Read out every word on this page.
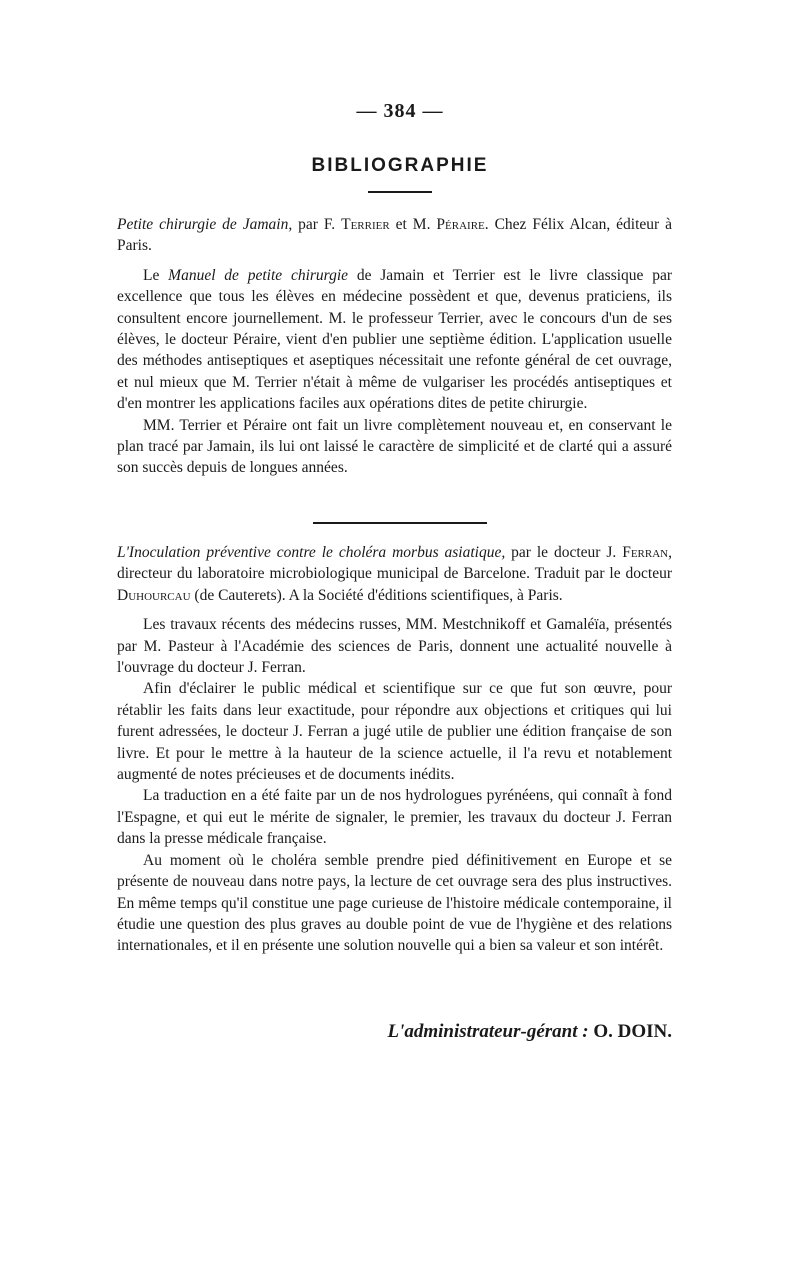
— 384 —
BIBLIOGRAPHIE

Petite chirurgie de Jamain, par F. Terrier et M. Péraire. Chez Félix Alcan, éditeur à Paris.

Le Manuel de petite chirurgie de Jamain et Terrier est le livre classique par excellence que tous les élèves en médecine possèdent et que, devenus praticiens, ils consultent encore journellement. M. le professeur Terrier, avec le concours d'un de ses élèves, le docteur Péraire, vient d'en publier une septième édition. L'application usuelle des méthodes antiseptiques et aseptiques nécessitait une refonte général de cet ouvrage, et nul mieux que M. Terrier n'était à même de vulgariser les procédés antiseptiques et d'en montrer les applications faciles aux opérations dites de petite chirurgie.

MM. Terrier et Péraire ont fait un livre complètement nouveau et, en conservant le plan tracé par Jamain, ils lui ont laissé le caractère de simplicité et de clarté qui a assuré son succès depuis de longues années.

L'Inoculation préventive contre le choléra morbus asiatique, par le docteur J. Ferran, directeur du laboratoire microbiologique municipal de Barcelone. Traduit par le docteur Duhourcau (de Cauterets). A la Société d'éditions scientifiques, à Paris.

Les travaux récents des médecins russes, MM. Mestchnikoff et Gamaléïa, présentés par M. Pasteur à l'Académie des sciences de Paris, donnent une actualité nouvelle à l'ouvrage du docteur J. Ferran.

Afin d'éclairer le public médical et scientifique sur ce que fut son œuvre, pour rétablir les faits dans leur exactitude, pour répondre aux objections et critiques qui lui furent adressées, le docteur J. Ferran a jugé utile de publier une édition française de son livre. Et pour le mettre à la hauteur de la science actuelle, il l'a revu et notablement augmenté de notes précieuses et de documents inédits.

La traduction en a été faite par un de nos hydrologues pyrénéens, qui connaît à fond l'Espagne, et qui eut le mérite de signaler, le premier, les travaux du docteur J. Ferran dans la presse médicale française.

Au moment où le choléra semble prendre pied définitivement en Europe et se présente de nouveau dans notre pays, la lecture de cet ouvrage sera des plus instructives. En même temps qu'il constitue une page curieuse de l'histoire médicale contemporaine, il étudie une question des plus graves au double point de vue de l'hygiène et des relations internationales, et il en présente une solution nouvelle qui a bien sa valeur et son intérêt.

L'administrateur-gérant : O. DOIN.
